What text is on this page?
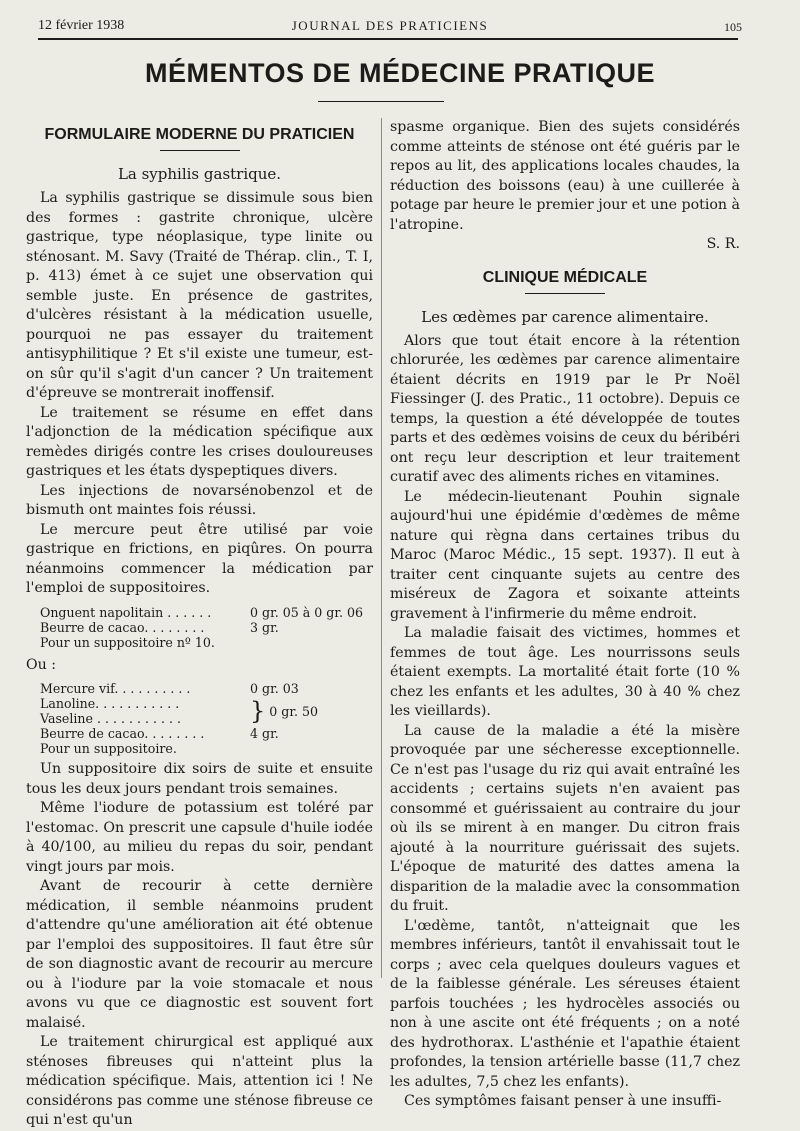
12 février 1938	JOURNAL DES PRATICIENS	105
MÉMENTOS DE MÉDECINE PRATIQUE
FORMULAIRE MODERNE DU PRATICIEN
La syphilis gastrique.

La syphilis gastrique se dissimule sous bien des formes : gastrite chronique, ulcère gastrique, type néoplasique, type linite ou sténosant. M. Savy (Traité de Thérap. clin., T. I, p. 413) émet à ce sujet une observation qui semble juste. En présence de gastrites, d'ulcères résistant à la médication usuelle, pourquoi ne pas essayer du traitement antisyphilitique ? Et s'il existe une tumeur, est-on sûr qu'il s'agit d'un cancer ? Un traitement d'épreuve se montrerait inoffensif.

Le traitement se résume en effet dans l'adjonction de la médication spécifique aux remèdes dirigés contre les crises douloureuses gastriques et les états dyspeptiques divers.

Les injections de novarsénobenzol et de bismuth ont maintes fois réussi.

Le mercure peut être utilisé par voie gastrique en frictions, en piqûres. On pourra néanmoins commencer la médication par l'emploi de suppositoires.

Onguent napolitain . . . . . .	0 gr. 05 à 0 gr. 06
Beurre de cacao. . . . . . . .	3 gr.
Pour un suppositoire nº 10.
Ou :
Mercure vif. . . . . . . . . .	0 gr. 03
Lanoline. . . . . . . . . . .
Vaseline . . . . . . . . . . .	} 0 gr. 50
Beurre de cacao. . . . . . . .	4 gr.
Pour un suppositoire.

Un suppositoire dix soirs de suite et ensuite tous les deux jours pendant trois semaines.

Même l'iodure de potassium est toléré par l'estomac. On prescrit une capsule d'huile iodée à 40/100, au milieu du repas du soir, pendant vingt jours par mois.

Avant de recourir à cette dernière médication, il semble néanmoins prudent d'attendre qu'une amélioration ait été obtenue par l'emploi des suppositoires. Il faut être sûr de son diagnostic avant de recourir au mercure ou à l'iodure par la voie stomacale et nous avons vu que ce diagnostic est souvent fort malaisé.

Le traitement chirurgical est appliqué aux sténoses fibreuses qui n'atteint plus la médication spécifique. Mais, attention ici ! Ne considérons pas comme une sténose fibreuse ce qui n'est qu'un

spasme organique. Bien des sujets considérés comme atteints de sténose ont été guéris par le repos au lit, des applications locales chaudes, la réduction des boissons (eau) à une cuillerée à potage par heure le premier jour et une potion à l'atropine.

S. R.
CLINIQUE MÉDICALE
Les œdèmes par carence alimentaire.

Alors que tout était encore à la rétention chlorurée, les œdèmes par carence alimentaire étaient décrits en 1919 par le Pr Noël Fiessinger (J. des Pratic., 11 octobre). Depuis ce temps, la question a été développée de toutes parts et des œdèmes voisins de ceux du béribéri ont reçu leur description et leur traitement curatif avec des aliments riches en vitamines.

Le médecin-lieutenant Pouhin signale aujourd'hui une épidémie d'œdèmes de même nature qui règna dans certaines tribus du Maroc (Maroc Médic., 15 sept. 1937). Il eut à traiter cent cinquante sujets au centre des miséreux de Zagora et soixante atteints gravement à l'infirmerie du même endroit.

La maladie faisait des victimes, hommes et femmes de tout âge. Les nourrissons seuls étaient exempts. La mortalité était forte (10 % chez les enfants et les adultes, 30 à 40 % chez les vieillards).

La cause de la maladie a été la misère provoquée par une sécheresse exceptionnelle. Ce n'est pas l'usage du riz qui avait entraîné les accidents ; certains sujets n'en avaient pas consommé et guérissaient au contraire du jour où ils se mirent à en manger. Du citron frais ajouté à la nourriture guérissait des sujets. L'époque de maturité des dattes amena la disparition de la maladie avec la consommation du fruit.

L'œdème, tantôt, n'atteignait que les membres inférieurs, tantôt il envahissait tout le corps ; avec cela quelques douleurs vagues et de la faiblesse générale. Les séreuses étaient parfois touchées ; les hydrocèles associés ou non à une ascite ont été fréquents ; on a noté des hydrothorax. L'asthénie et l'apathie étaient profondes, la tension artérielle basse (11,7 chez les adultes, 7,5 chez les enfants).

Ces symptômes faisant penser à une insuffi-
